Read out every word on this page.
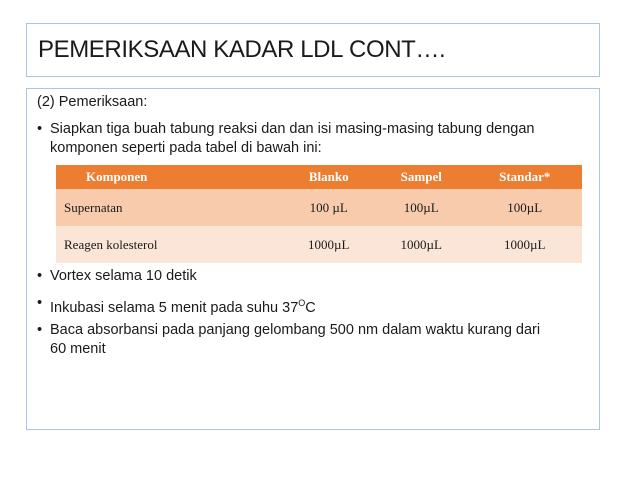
PEMERIKSAAN KADAR LDL CONT….
(2) Pemeriksaan:
• Siapkan tiga buah tabung reaksi dan dan isi masing-masing tabung dengan
komponen seperti pada tabel di bawah ini:
Komponen	Blanko	Sampel	Standar*
Supernatan	100 µL	100µL	100µL
Reagen kolesterol	1000µL	1000µL	1000µL
• Vortex selama 10 detik
• Inkubasi selama 5 menit pada suhu $37^OC$
• Baca absorbansi pada panjang gelombang 500 nm dalam waktu kurang dari
60 menit
